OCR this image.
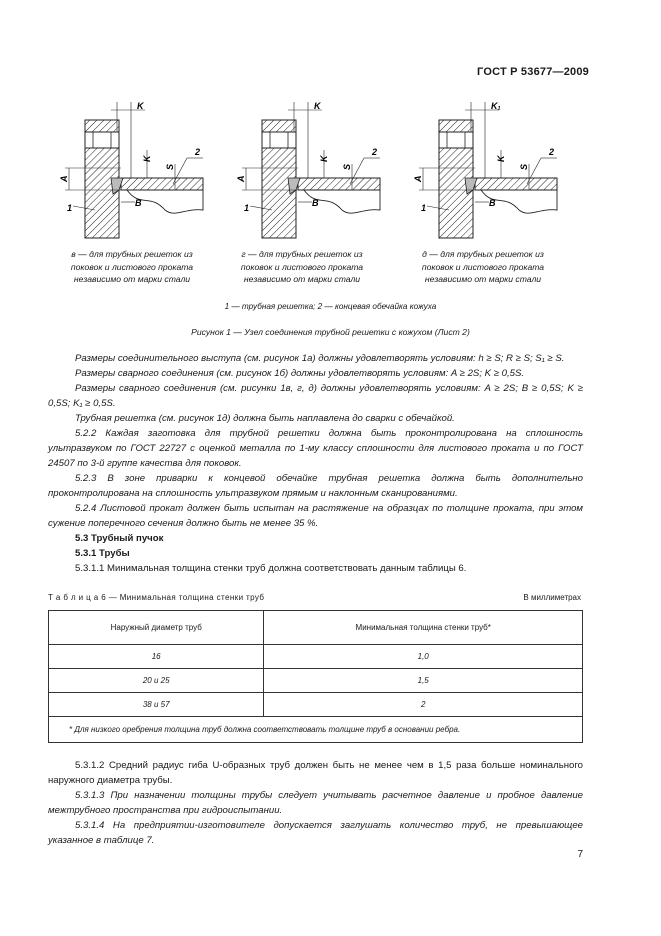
ГОСТ Р 53677—2009
K
K
B
A
S
1
2
K
K
B
A
S
1
2
K₁
K
B
A
S
1
2
в — для трубных решеток из
поковок и листового проката
независимо от марки стали
г — для трубных решеток из
поковок и листового проката
независимо от марки стали
д — для трубных решеток из
поковок и листового проката
независимо от марки стали
1 — трубная решетка; 2 — концевая обечайка кожуха
Рисунок 1 — Узел соединения трубной решетки с кожухом (Лист 2)

Размеры соединительного выступа (см. рисунок 1а) должны удовлетворять условиям: h ≥ S; R ≥ S; S₁ ≥ S.

Размеры сварного соединения (см. рисунок 1б) должны удовлетворять условиям: A ≥ 2S; K ≥ 0,5S.

Размеры сварного соединения (см. рисунки 1в, г, д) должны удовлетворять условиям: A ≥ 2S; B ≥ 0,5S; K ≥ 0,5S; K₁ ≥ 0,5S.

Трубная решетка (см. рисунок 1д) должна быть наплавлена до сварки с обечайкой.

5.2.2 Каждая заготовка для трубной решетки должна быть проконтролирована на сплошность ультразвуком по ГОСТ 22727 с оценкой металла по 1-му классу сплошности для листового проката и по ГОСТ 24507 по 3-й группе качества для поковок.

5.2.3 В зоне приварки к концевой обечайке трубная решетка должна быть дополнительно проконтролирована на сплошность ультразвуком прямым и наклонным сканированиями.

5.2.4 Листовой прокат должен быть испытан на растяжение на образцах по толщине проката, при этом сужение поперечного сечения должно быть не менее 35 %.

5.3 Трубный пучок

5.3.1 Трубы

5.3.1.1 Минимальная толщина стенки труб должна соответствовать данным таблицы 6.

Т а б л и ц а 6 — Минимальная толщина стенки труб	В миллиметрах
Наружный диаметр труб	Минимальная толщина стенки труб*
16	1,0
20 и 25	1,5
38 и 57	2
* Для низкого оребрения толщина труб должна соответствовать толщине труб в основании ребра.	

5.3.1.2 Средний радиус гиба U-образных труб должен быть не менее чем в 1,5 раза больше номинального наружного диаметра трубы.

5.3.1.3 При назначении толщины трубы следует учитывать расчетное давление и пробное давление межтрубного пространства при гидроиспытании.

5.3.1.4 На предприятии-изготовителе допускается заглушать количество труб, не превышающее указанное в таблице 7.

7
